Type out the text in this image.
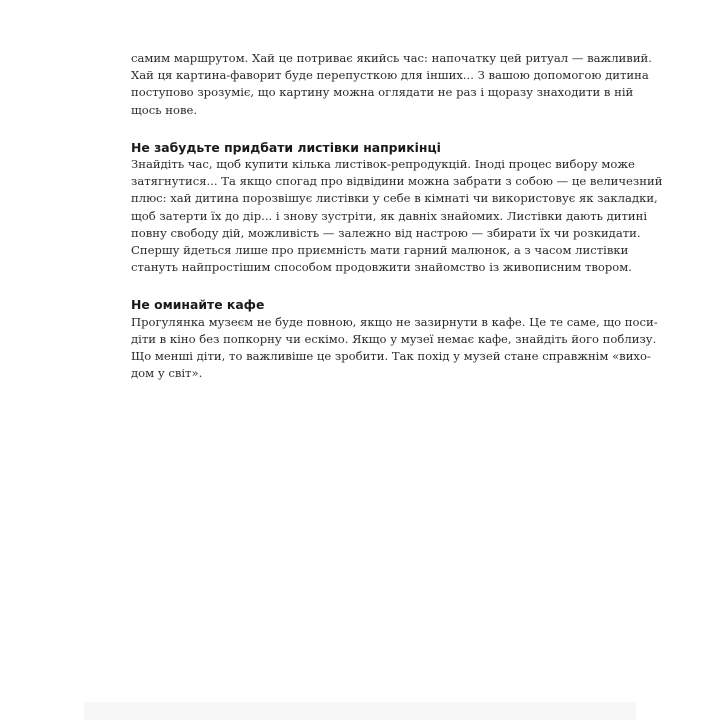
самим маршрутом. Хай це потриває якийсь час: напочатку цей ритуал — важливий.
Хай ця картина-фаворит буде перепусткою для інших... З вашою допомогою дитина
поступово зрозуміє, що картину можна оглядати не раз і щоразу знаходити в ній
щось нове.

Не забудьте придбати листівки наприкінці

Знайдіть час, щоб купити кілька листівок-репродукцій. Іноді процес вибору може
затягнутися... Та якщо спогад про відвідини можна забрати з собою — це величезний
плюс: хай дитина порозвішує листівки у себе в кімнаті чи використовує як закладки,
щоб затерти їх до дір... і знову зустріти, як давніх знайомих. Листівки дають дитині
повну свободу дій, можливість — залежно від настрою — збирати їх чи розкидати.
Спершу йдеться лише про приємність мати гарний малюнок, а з часом листівки
стануть найпростішим способом продовжити знайомство із живописним твором.

Не оминайте кафе

Прогулянка музеєм не буде повною, якщо не зазирнути в кафе. Це те саме, що поси-
діти в кіно без попкорну чи ескімо. Якщо у музеї немає кафе, знайдіть його поблизу.
Що менші діти, то важливіше це зробити. Так похід у музей стане справжнім «вихо-
дом у світ».
